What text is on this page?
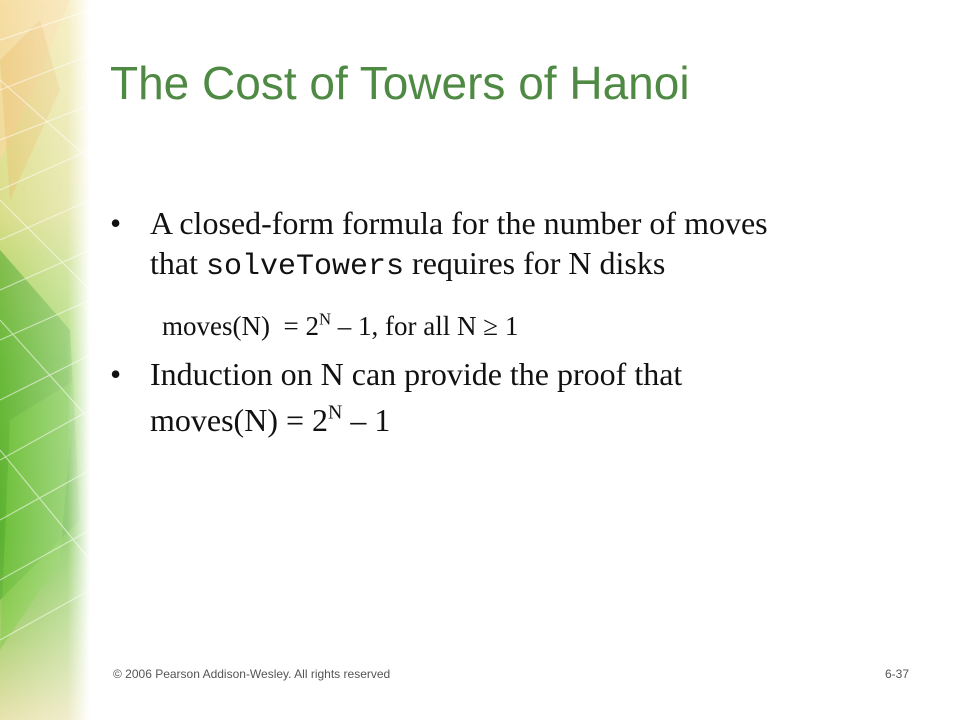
The Cost of Towers of Hanoi
• A closed-form formula for the number of moves
that solveTowers requires for N disks
moves(N)  = $2^N - 1$, for all N ≥ 1
• Induction on N can provide the proof that
moves(N) = $2^N - 1$
© 2006 Pearson Addison-Wesley. All rights reserved	6-37
